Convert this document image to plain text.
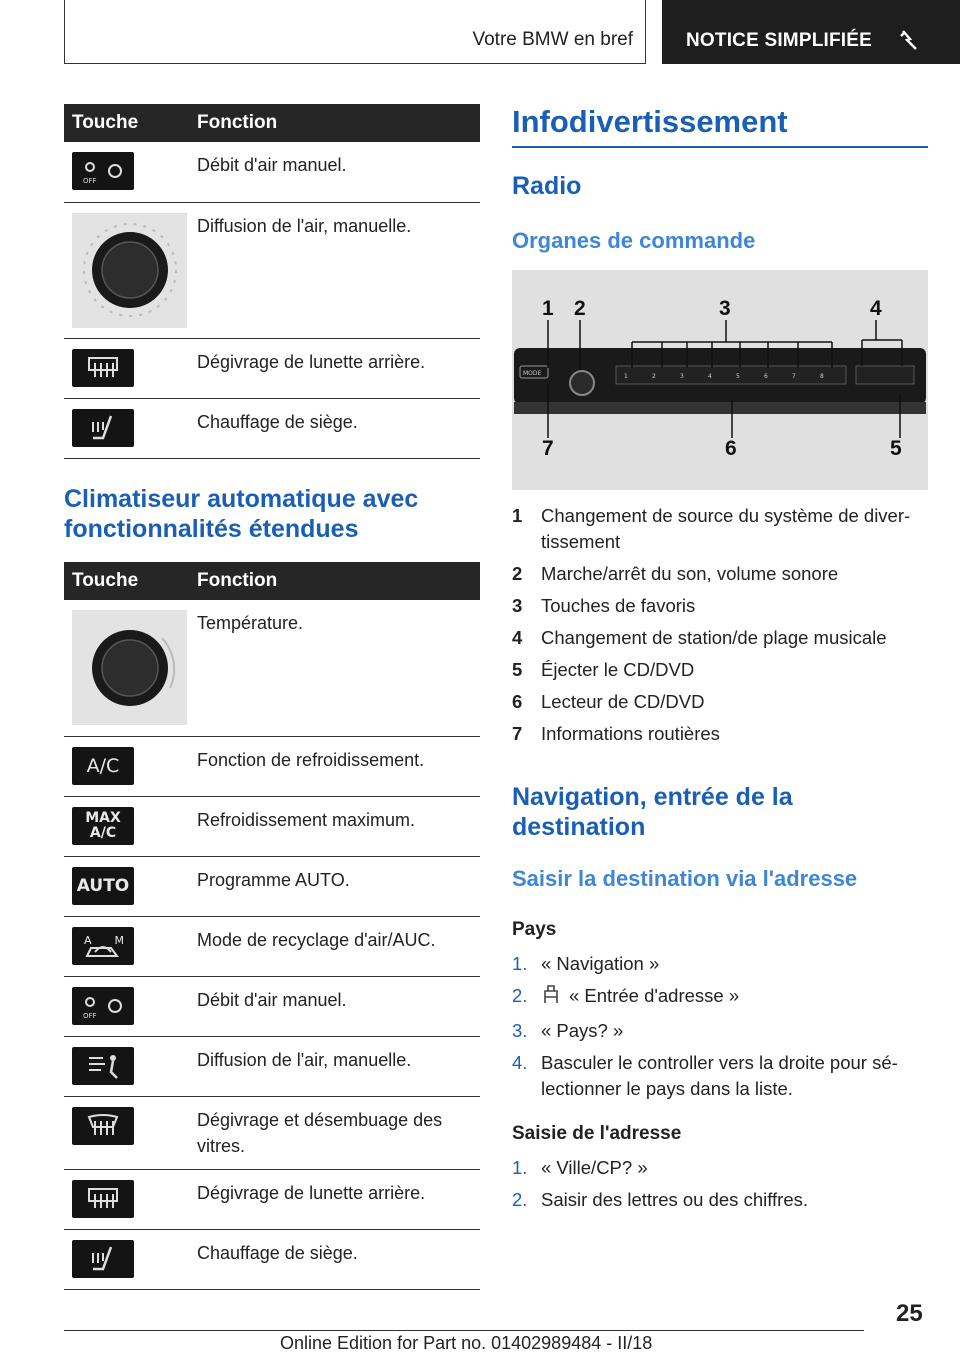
Votre BMW en bref	NOTICE SIMPLIFIÉE
Touche	Fonction

OFF	Débit d'air manuel.

	Diffusion de l'air, manuelle.

	Dégivrage de lunette arrière.

	Chauffage de siège.
Climatiseur automatique avec fonctionnalités étendues
Touche	Fonction

	Température.

A/C	Fonction de refroidissement.

MAX
A/C	Refroidissement maximum.

AUTO	Programme AUTO.

A M	Mode de recyclage d'air/AUC.

OFF	Débit d'air manuel.

	Diffusion de l'air, manuelle.

	Dégivrage et désembuage des vitres.

	Dégivrage de lunette arrière.

	Chauffage de siège.
Infodivertissement
Radio
Organes de commande
MODE	1	2	3	4	5	6	7	8
1 2	3	4
7	6	5
1	Changement de source du système de divertissement
2	Marche/arrêt du son, volume sonore
3	Touches de favoris
4	Changement de station/de plage musicale
5	Éjecter le CD/DVD
6	Lecteur de CD/DVD
7	Informations routières
Navigation, entrée de la destination
Saisir la destination via l'adresse
Pays
1. « Navigation »
2.	« Entrée d'adresse »
3. « Pays? »
4. Basculer le controller vers la droite pour sélectionner le pays dans la liste.
Saisie de l'adresse
1. « Ville/CP? »
2. Saisir des lettres ou des chiffres.
25
Online Edition for Part no. 01402989484 - II/18
